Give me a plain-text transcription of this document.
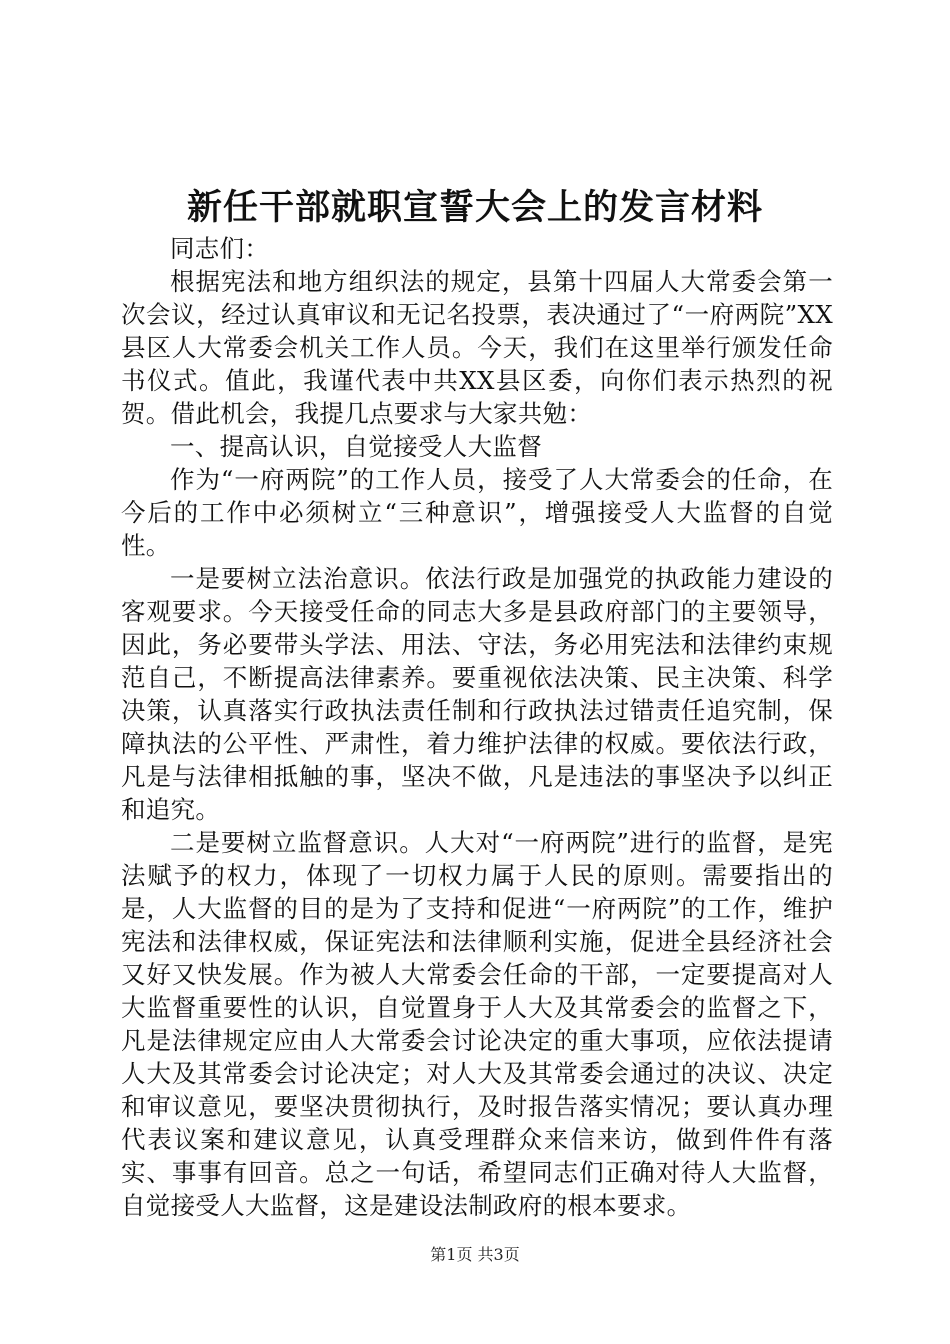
新任干部就职宣誓大会上的发言材料

同志们：

根据宪法和地方组织法的规定，县第十四届人大常委会第一次会议，经过认真审议和无记名投票，表决通过了“一府两院”XX县区人大常委会机关工作人员。今天，我们在这里举行颁发任命书仪式。值此，我谨代表中共XX县区委，向你们表示热烈的祝贺。借此机会，我提几点要求与大家共勉：

一、提高认识，自觉接受人大监督

作为“一府两院”的工作人员，接受了人大常委会的任命，在今后的工作中必须树立“三种意识”，增强接受人大监督的自觉性。

一是要树立法治意识。依法行政是加强党的执政能力建设的客观要求。今天接受任命的同志大多是县政府部门的主要领导，因此，务必要带头学法、用法、守法，务必用宪法和法律约束规范自己，不断提高法律素养。要重视依法决策、民主决策、科学决策，认真落实行政执法责任制和行政执法过错责任追究制，保障执法的公平性、严肃性，着力维护法律的权威。要依法行政，凡是与法律相抵触的事，坚决不做，凡是违法的事坚决予以纠正和追究。

二是要树立监督意识。人大对“一府两院”进行的监督，是宪法赋予的权力，体现了一切权力属于人民的原则。需要指出的是，人大监督的目的是为了支持和促进“一府两院”的工作，维护宪法和法律权威，保证宪法和法律顺利实施，促进全县经济社会又好又快发展。作为被人大常委会任命的干部，一定要提高对人大监督重要性的认识，自觉置身于人大及其常委会的监督之下，凡是法律规定应由人大常委会讨论决定的重大事项，应依法提请人大及其常委会讨论决定；对人大及其常委会通过的决议、决定和审议意见，要坚决贯彻执行，及时报告落实情况；要认真办理代表议案和建议意见，认真受理群众来信来访，做到件件有落实、事事有回音。总之一句话，希望同志们正确对待人大监督，自觉接受人大监督，这是建设法制政府的根本要求。

第1页 共3页
